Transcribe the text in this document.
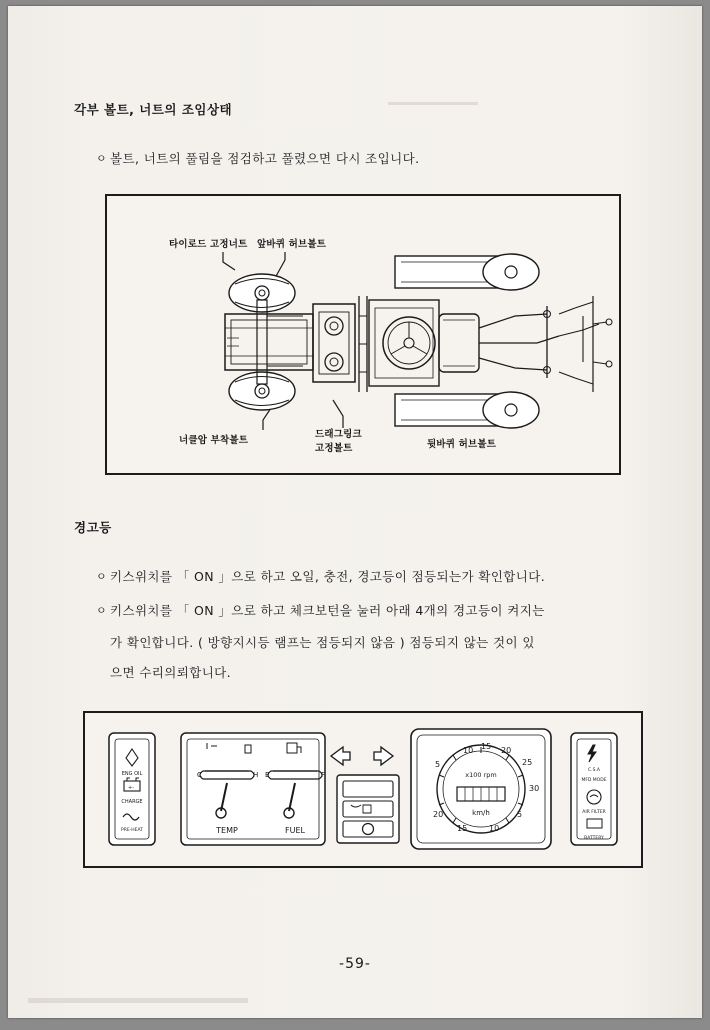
각부 볼트, 너트의 조임상태
ㅇ 볼트, 너트의 풀림을 점검하고 풀렸으면 다시 조입니다.
타이로드 고정너트 앞바퀴 허브볼트
너클암 부착볼트
드래그링크
고정볼트	뒷바퀴 허브볼트
경고등
ㅇ 키스위치를 「 ON 」으로 하고 오일, 충전, 경고등이 점등되는가 확인합니다.
ㅇ 키스위치를 「 ON 」으로 하고 체크보턴을 눌러 아래 4개의 경고등이 켜지는
가 확인합니다. ( 방향지시등 램프는 점등되지 않음 ) 점등되지 않는 것이 있
으면 수리의뢰합니다.
ENG OIL
+-
CHARGE
PRE-HEAT
C	H
TEMP
E	F
FUEL
10 15 20
25
30
5
20
15	10
5
x100 rpm
km/h
C.S.A
MFD MODE
AIR FILTER
BATTERY
-59-
